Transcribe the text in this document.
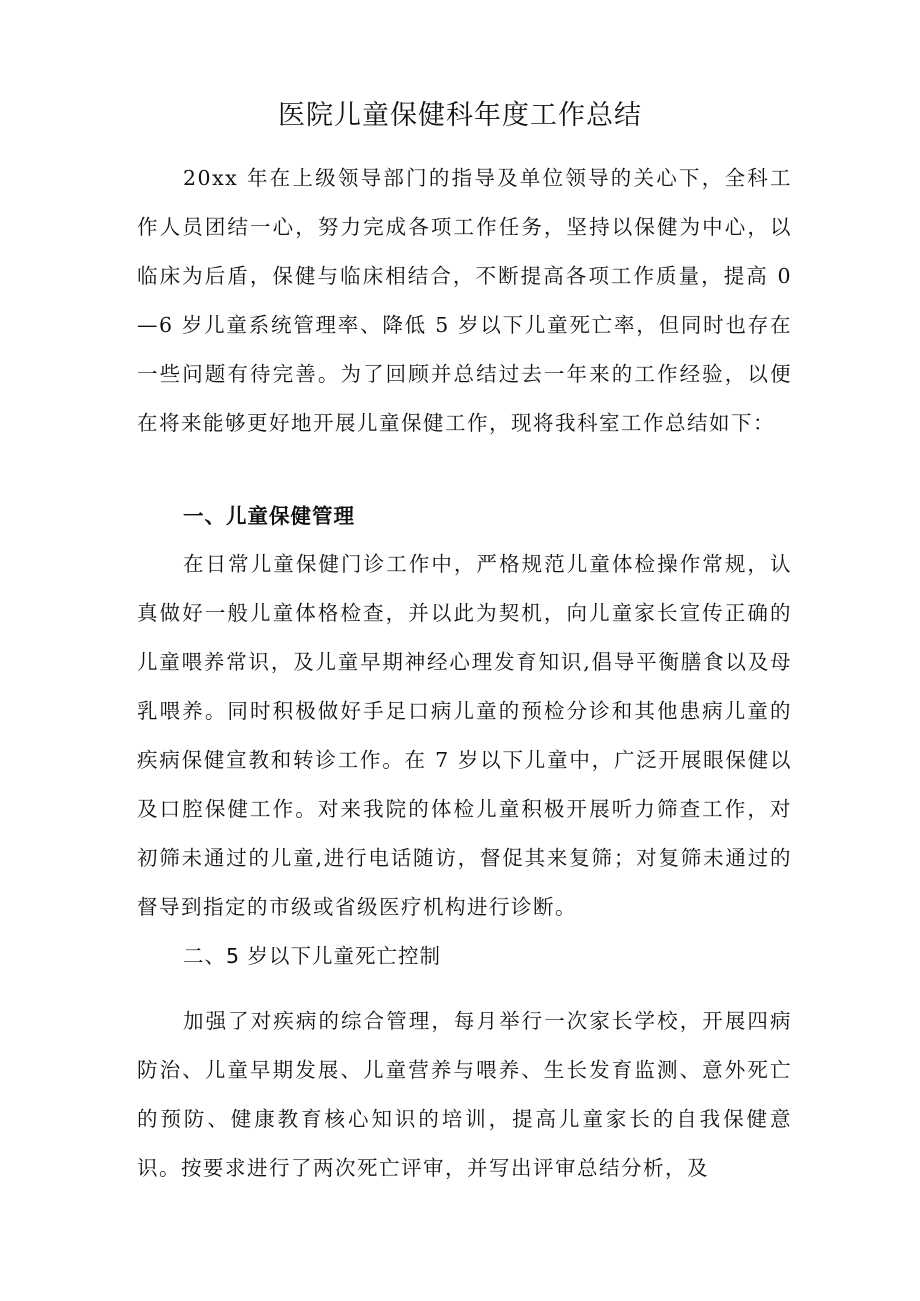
医院儿童保健科年度工作总结

20xx 年在上级领导部门的指导及单位领导的关心下，全科工作人员团结一心，努力完成各项工作任务，坚持以保健为中心，以临床为后盾，保健与临床相结合，不断提高各项工作质量，提高 0—6 岁儿童系统管理率、降低 5 岁以下儿童死亡率，但同时也存在一些问题有待完善。为了回顾并总结过去一年来的工作经验，以便在将来能够更好地开展儿童保健工作，现将我科室工作总结如下：

一、儿童保健管理

在日常儿童保健门诊工作中，严格规范儿童体检操作常规，认真做好一般儿童体格检查，并以此为契机，向儿童家长宣传正确的儿童喂养常识，及儿童早期神经心理发育知识,倡导平衡膳食以及母乳喂养。同时积极做好手足口病儿童的预检分诊和其他患病儿童的疾病保健宣教和转诊工作。在 7 岁以下儿童中，广泛开展眼保健以及口腔保健工作。对来我院的体检儿童积极开展听力筛查工作，对初筛未通过的儿童,进行电话随访，督促其来复筛；对复筛未通过的督导到指定的市级或省级医疗机构进行诊断。

二、5 岁以下儿童死亡控制

加强了对疾病的综合管理，每月举行一次家长学校，开展四病防治、儿童早期发展、儿童营养与喂养、生长发育监测、意外死亡的预防、健康教育核心知识的培训，提高儿童家长的自我保健意识。按要求进行了两次死亡评审，并写出评审总结分析，及
